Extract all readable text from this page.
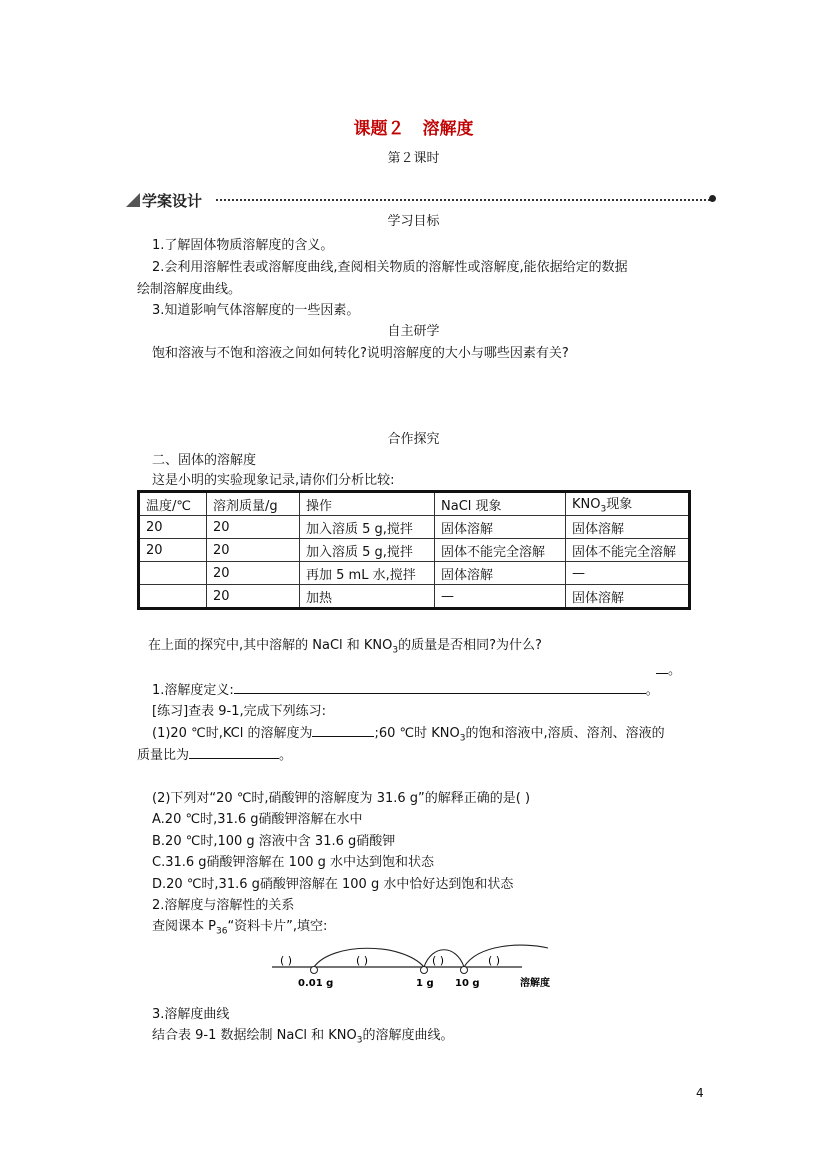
课题２ 溶解度
第２课时
学案设计
学习目标
1.了解固体物质溶解度的含义。
2.会利用溶解性表或溶解度曲线,查阅相关物质的溶解性或溶解度,能依据给定的数据
绘制溶解度曲线。
3.知道影响气体溶解度的一些因素。
自主研学
饱和溶液与不饱和溶液之间如何转化?说明溶解度的大小与哪些因素有关?
合作探究
二、固体的溶解度
这是小明的实验现象记录,请你们分析比较:
温度/℃	溶剂质量/g	操作	NaCl 现象	$KNO_3$现象
20	20	加入溶质 5 g,搅拌	固体溶解	固体溶解
20	20	加入溶质 5 g,搅拌	固体不能完全溶解	固体不能完全溶解
	20	再加 5 mL 水,搅拌	固体溶解	—
	20	加热	—	固体溶解
在上面的探究中,其中溶解的 NaCl 和 $KNO_3$的质量是否相同?为什么?
。
1.溶解度定义:	。
[练习]查表 9-1,完成下列练习:
(1)20 ℃时,KCl 的溶解度为	;60 ℃时 $KNO_3$的饱和溶液中,溶质、溶剂、溶液的
质量比为	。
(2)下列对“20 ℃时,硝酸钾的溶解度为 31.6 g”的解释正确的是( )
A.20 ℃时,31.6 g硝酸钾溶解在水中
B.20 ℃时,100 g 溶液中含 31.6 g硝酸钾
C.31.6 g硝酸钾溶解在 100 g 水中达到饱和状态
D.20 ℃时,31.6 g硝酸钾溶解在 100 g 水中恰好达到饱和状态
2.溶解度与溶解性的关系
查阅课本 $P_{36}“$资料卡片”,填空:
( )	( )	( )	( )
0.01 g	1 g 10 g	溶解度
3.溶解度曲线
结合表 9-1 数据绘制 NaCl 和 $KNO_3$的溶解度曲线。
4
